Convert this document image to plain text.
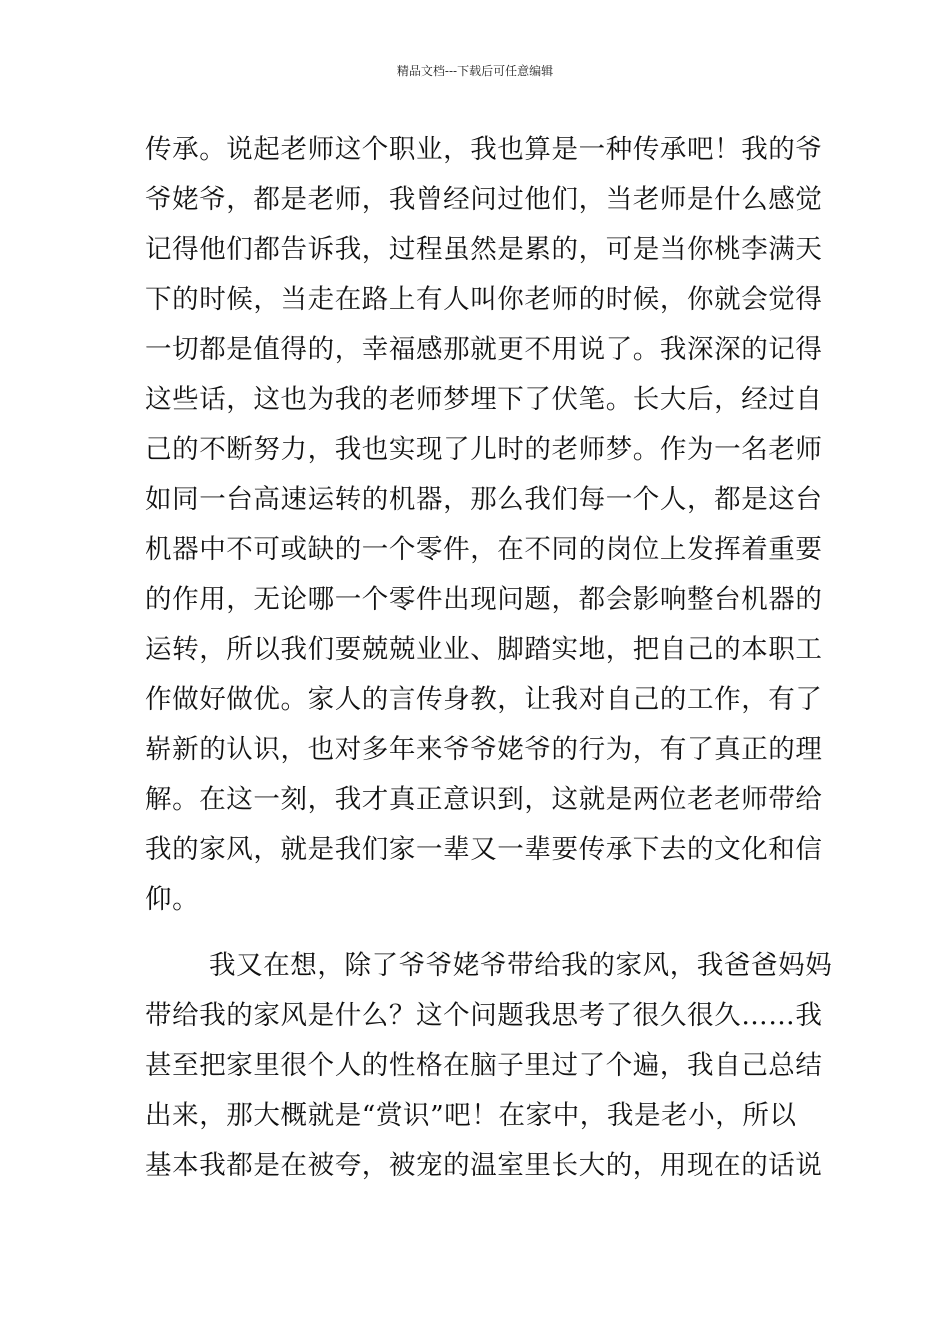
精品文档---下载后可任意编辑
传承。说起老师这个职业，我也算是一种传承吧！我的爷
爷姥爷，都是老师，我曾经问过他们，当老师是什么感觉
记得他们都告诉我，过程虽然是累的，可是当你桃李满天
下的时候，当走在路上有人叫你老师的时候，你就会觉得
一切都是值得的，幸福感那就更不用说了。我深深的记得
这些话，这也为我的老师梦埋下了伏笔。长大后，经过自
己的不断努力，我也实现了儿时的老师梦。作为一名老师
如同一台高速运转的机器，那么我们每一个人，都是这台
机器中不可或缺的一个零件，在不同的岗位上发挥着重要
的作用，无论哪一个零件出现问题，都会影响整台机器的
运转，所以我们要兢兢业业、脚踏实地，把自己的本职工
作做好做优。家人的言传身教，让我对自己的工作，有了
崭新的认识，也对多年来爷爷姥爷的行为，有了真正的理
解。在这一刻，我才真正意识到，这就是两位老老师带给
我的家风，就是我们家一辈又一辈要传承下去的文化和信
仰。
我又在想，除了爷爷姥爷带给我的家风，我爸爸妈妈
带给我的家风是什么？这个问题我思考了很久很久……我
甚至把家里很个人的性格在脑子里过了个遍，我自己总结
出来，那大概就是“赏识”吧！在家中，我是老小，所以
基本我都是在被夸，被宠的温室里长大的，用现在的话说
